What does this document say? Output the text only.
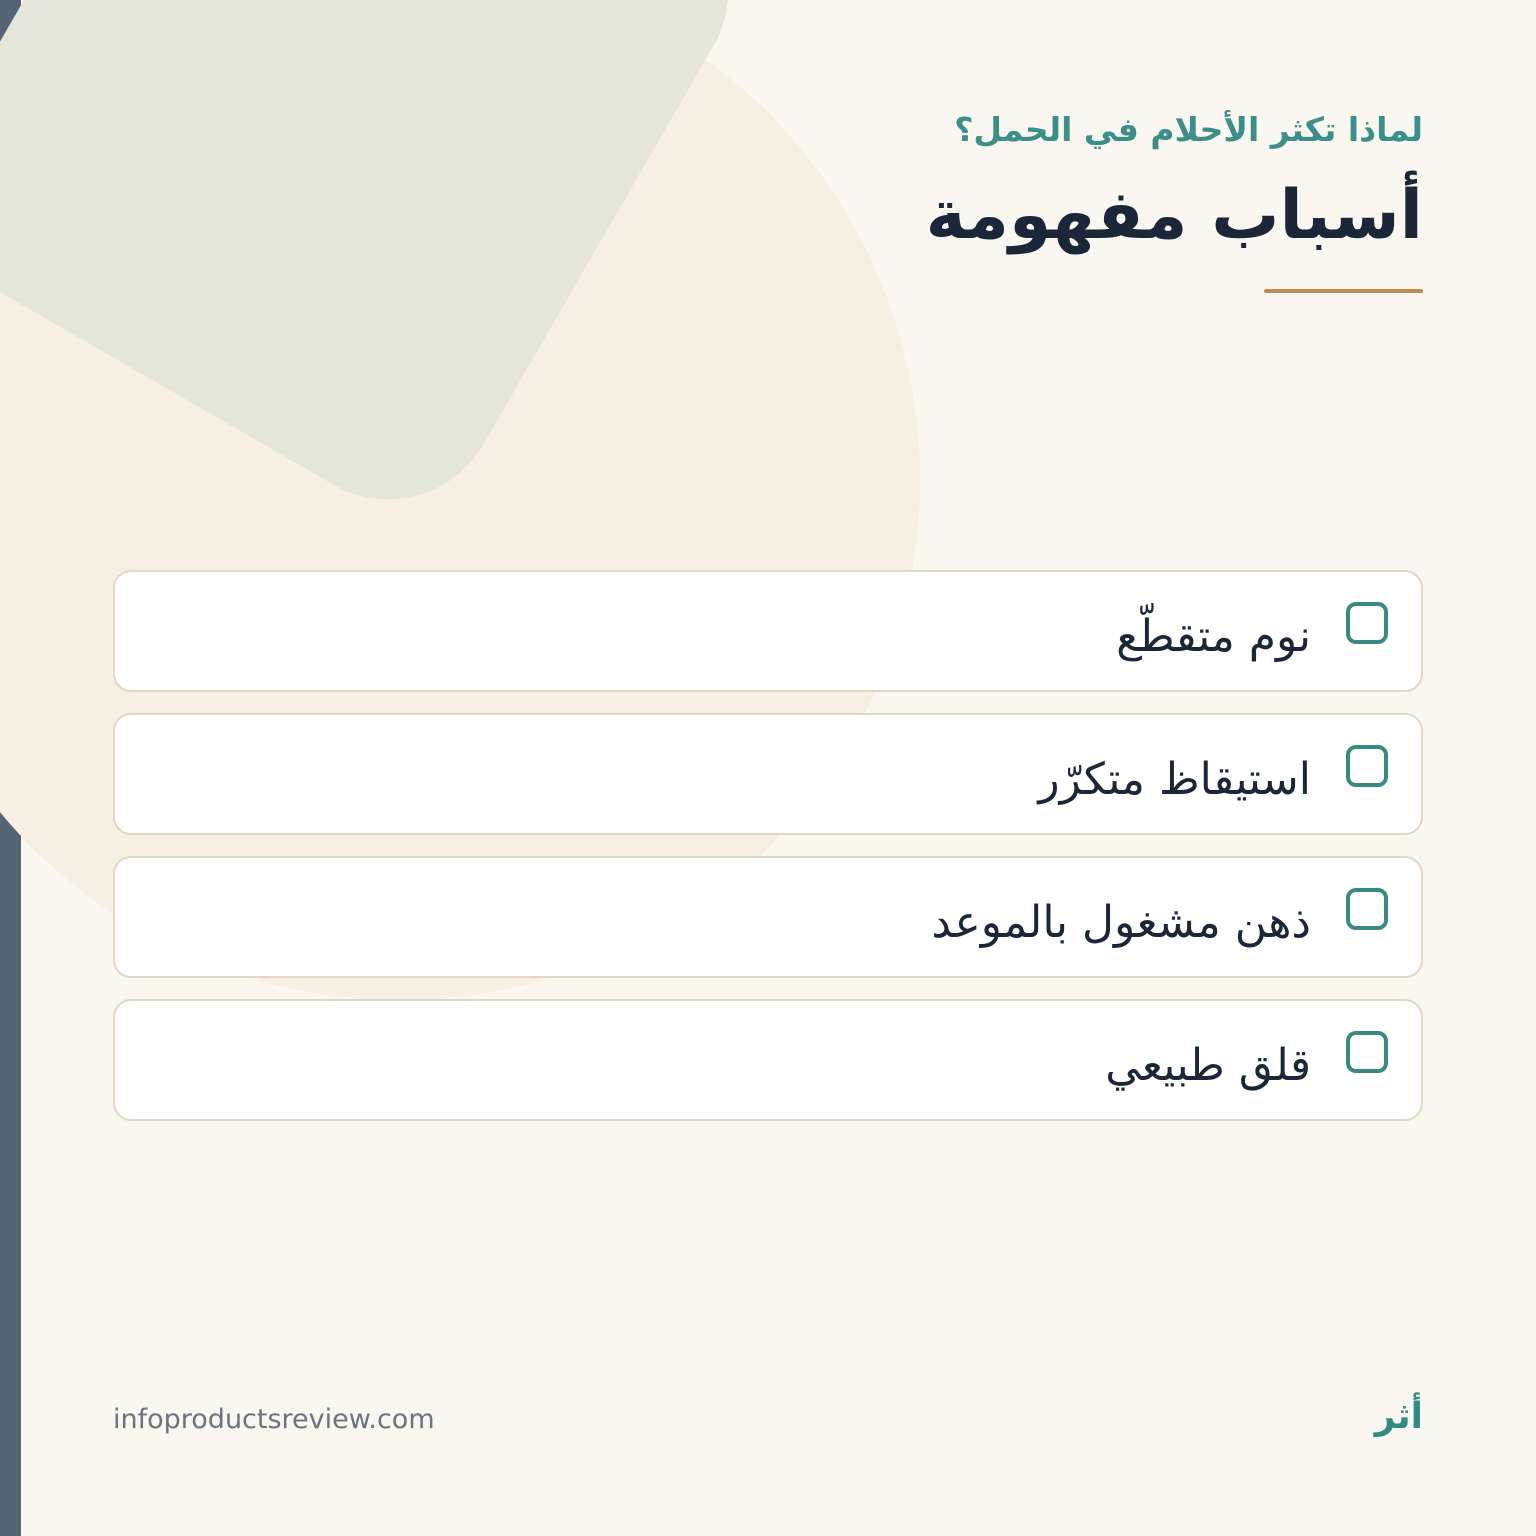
لماذا تكثر الأحلام في الحمل؟
أسباب مفهومة
نوم متقطّع
استيقاظ متكرّر
ذهن مشغول بالموعد
قلق طبيعي
infoproductsreview.com	أثر
